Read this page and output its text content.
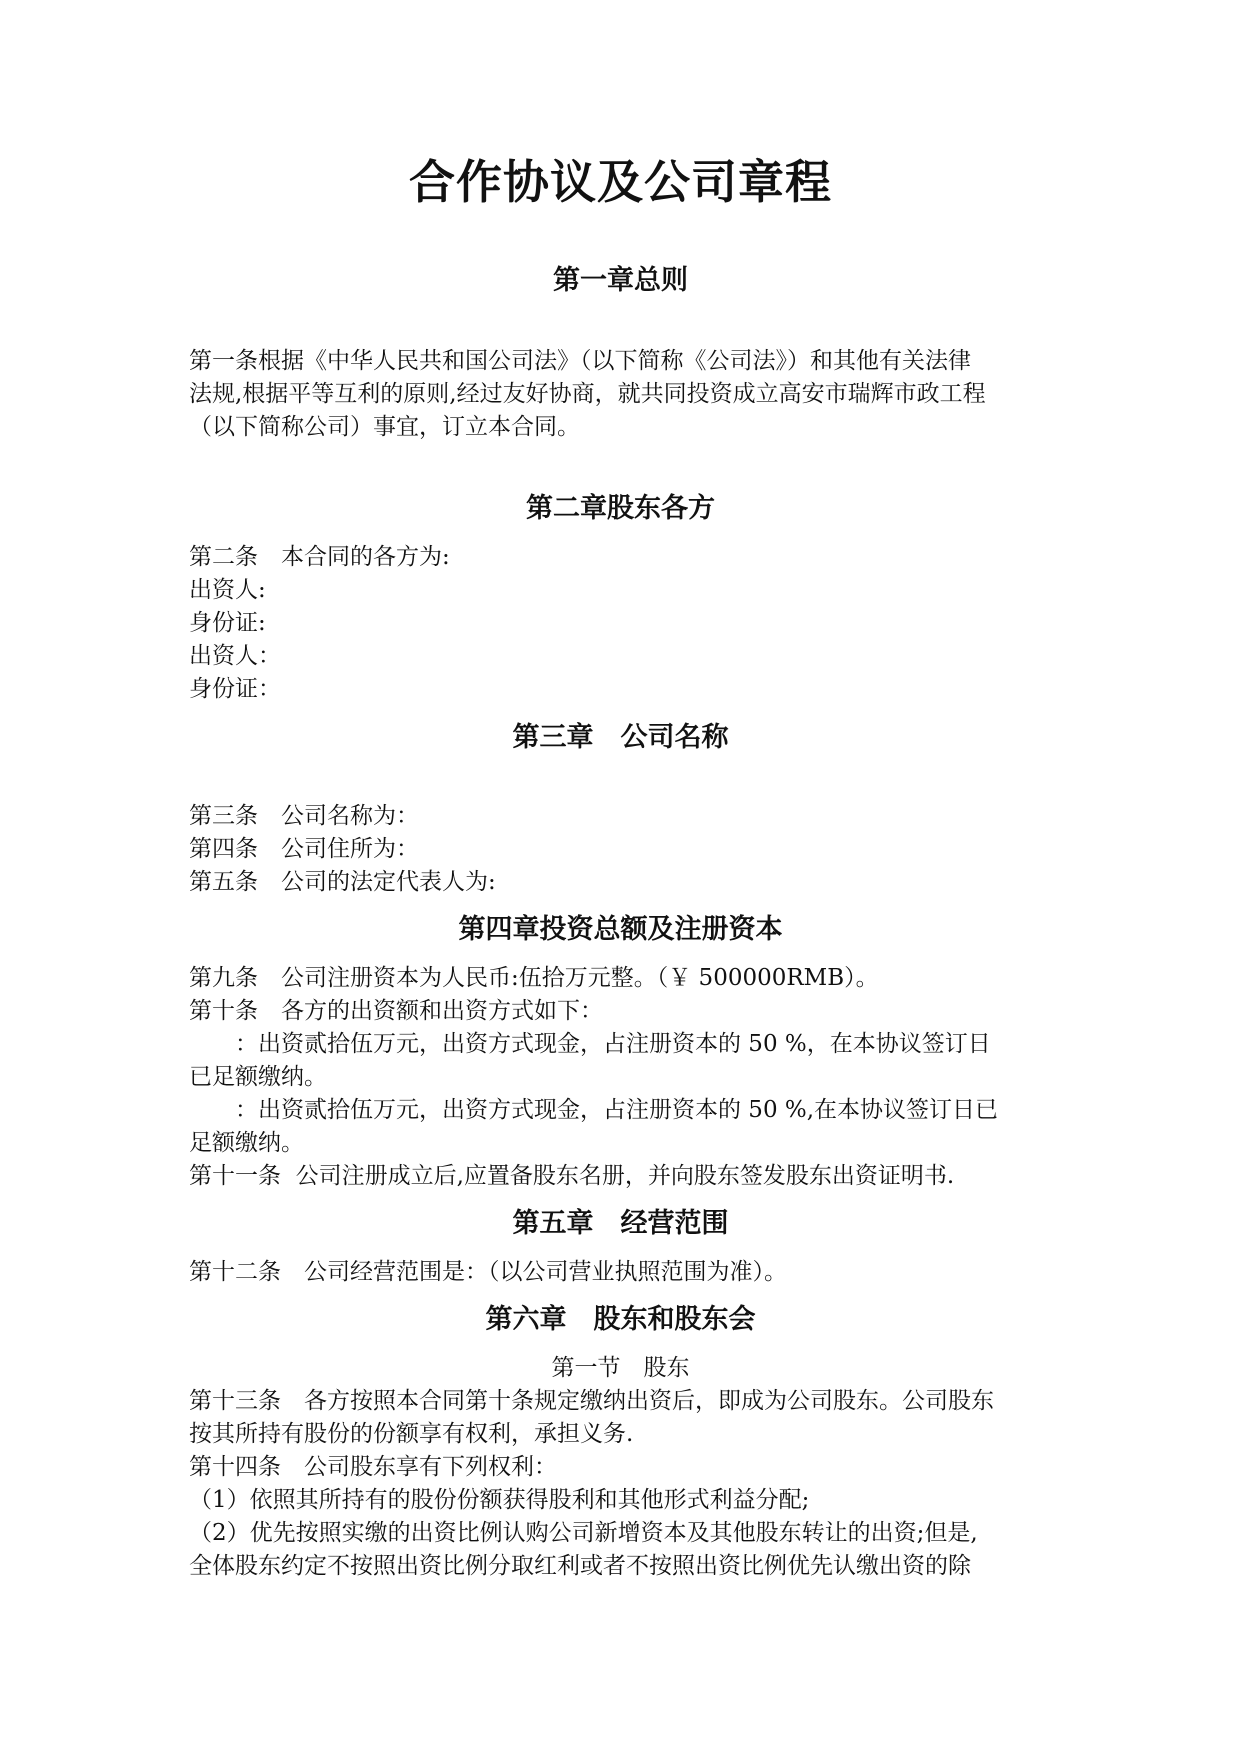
合作协议及公司章程
第一章总则
第一条根据《中华人民共和国公司法》（以下简称《公司法》）和其他有关法律
法规,根据平等互利的原则,经过友好协商，就共同投资成立高安市瑞辉市政工程
（以下简称公司）事宜，订立本合同。
第二章股东各方
第二条　本合同的各方为:
出资人:
身份证:
出资人：
身份证：
第三章　公司名称
第三条　公司名称为：
第四条　公司住所为：
第五条　公司的法定代表人为:
第四章投资总额及注册资本
第九条　公司注册资本为人民币:伍拾万元整。（￥ 500000RMB）。
第十条　各方的出资额和出资方式如下：
：出资贰拾伍万元，出资方式现金，占注册资本的 50 %，在本协议签订日
已足额缴纳。
：出资贰拾伍万元，出资方式现金，占注册资本的 50 %,在本协议签订日已
足额缴纳。
第十一条  公司注册成立后,应置备股东名册，并向股东签发股东出资证明书.
第五章　经营范围
第十二条　公司经营范围是：（以公司营业执照范围为准）。
第六章　股东和股东会
第一节　股东
第十三条　各方按照本合同第十条规定缴纳出资后，即成为公司股东。公司股东
按其所持有股份的份额享有权利，承担义务.
第十四条　公司股东享有下列权利：
（1）依照其所持有的股份份额获得股利和其他形式利益分配;
（2）优先按照实缴的出资比例认购公司新增资本及其他股东转让的出资;但是,
全体股东约定不按照出资比例分取红利或者不按照出资比例优先认缴出资的除
